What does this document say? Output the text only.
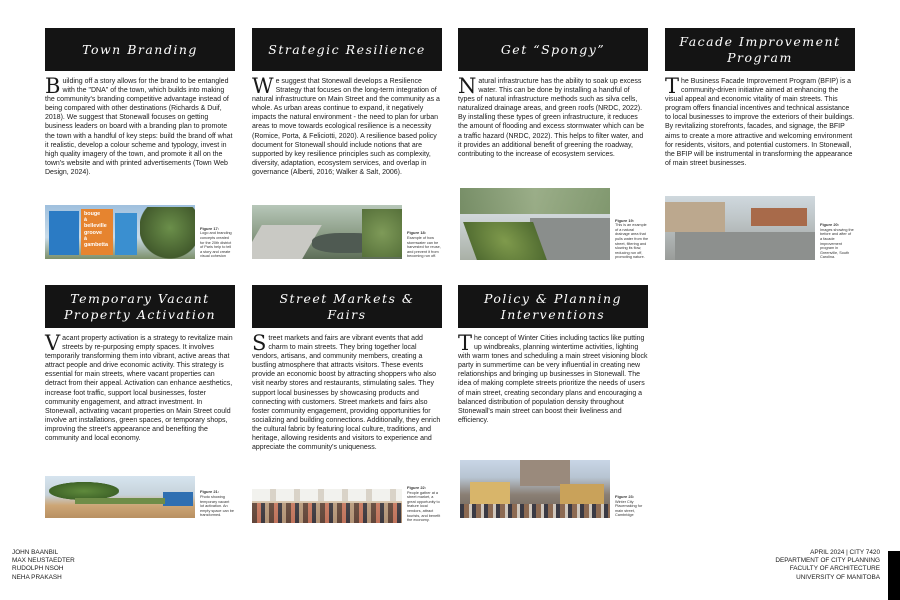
Town Branding
Building off a story allows for the brand to be entangled with the "DNA" of the town, which builds into making the community's branding competitive advantage instead of being compared with other destinations (Richards & Duif, 2018). We suggest that Stonewall focuses on getting business leaders on board with a branding plan to promote the town with a handful of key steps: build the brand off what it realistic, develop a colour scheme and typology, invest in high quality imagery of the town, and promote it all on the town's website and with printed advertisements (Town Web Design, 2024).
bouge
à belleville
groove
à gambetta
Figure 17:
Logo and branding concepts created for the 20th district of Paris help to tell a story and create visual cohesion
Strategic Resilience
We suggest that Stonewall develops a Resilience Strategy that focuses on the long-term integration of natural infrastructure on Main Street and the community as a whole. As urban areas continue to expand, it negatively impacts the natural environment - the need to plan for urban areas to move towards ecological resilience is a necessity (Romice, Porta, & Feliciotti, 2020). A resilience based policy document for Stonewall should include notions that are supported by key resilience principles such as complexity, diversity, adaptation, ecosystem services, and overlap in governance (Alberti, 2016; Walker & Salt, 2006).
Figure 18:
Example of how stormwater can be harvested for reuse, and prevent it from becoming run off.
Get “Spongy”
Natural infrastructure has the ability to soak up excess water. This can be done by installing a handful of types of natural infrastructure methods such as silva cells, naturalized drainage areas, and green roofs (NRDC, 2022). By installing these types of green infrastructure, it reduces the amount of flooding and excess stormwater which can be a traffic hazard (NRDC, 2022). This helps to filter water, and it provides an additional benefit of greening the roadway, contributing to the increase of ecosystem services.
Figure 19:
This is an example of a natural drainage area that pulls water from the street, filtering and slowing its flow, reducing run off, promoting nature.
Facade Improvement Program
The Business Facade Improvement Program (BFIP) is a community-driven initiative aimed at enhancing the visual appeal and economic vitality of main streets. This program offers financial incentives and technical assistance to local businesses to improve the exteriors of their buildings. By revitalizing storefronts, facades, and signage, the BFIP aims to create a more attractive and welcoming environment for residents, visitors, and potential customers. In Stonewall, the BFIP will be instrumental in transforming the appearance of main street businesses.
Figure 20:
Images showing the before and after of a facade improvement program in Greenville, South Carolina.
Temporary Vacant Property Activation
Vacant property activation is a strategy to revitalize main streets by re-purposing empty spaces. It involves temporarily transforming them into vibrant, active areas that attract people and drive economic activity. This strategy is essential for main streets, where vacant properties can detract from their appeal. Activation can enhance aesthetics, increase foot traffic, support local businesses, foster community engagement, and attract investment. In Stonewall, activating vacant properties on Main Street could involve art installations, green spaces, or temporary shops, improving the street's appearance and benefiting the community and local economy.
Figure 21:
Photo showing temporary vacant lot activation. An empty space can be transformed.
Street Markets & Fairs
Street markets and fairs are vibrant events that add charm to main streets. They bring together local vendors, artisans, and community members, creating a bustling atmosphere that attracts visitors. These events provide an economic boost by attracting shoppers who also visit nearby stores and restaurants, stimulating sales. They support local businesses by showcasing products and connecting with customers. Street markets and fairs also foster community engagement, providing opportunities for socializing and building connections. Additionally, they enrich the cultural fabric by featuring local culture, traditions, and heritage, allowing residents and visitors to experience and appreciate the community's uniqueness.
Figure 22:
People gather at a street market, a great opportunity to feature local vendors, attract tourists, and benefit the economy.
Policy & Planning Interventions
The concept of Winter Cities including tactics like putting up windbreaks, planning wintertime activities, lighting with warm tones and scheduling a main street visioning block party in summertime can be very influential in creating new relationships and bringing up businesses in Stonewall. The idea of making complete streets prioritize the needs of users of main street, creating secondary plans and encouraging a balanced distribution of population density throughout Stonewall's main street can boost their liveliness and efficiency.
Figure 23:
Winter City Placemaking for main street, Cambridge
JOHN BAANBIL
MAX NEUSTAEDTER
RUDOLPH NSOH
NEHA PRAKASH
APRIL 2024 | CITY 7420
DEPARTMENT OF CITY PLANNING
FACULTY OF ARCHITECTURE
UNIVERSITY OF MANITOBA
